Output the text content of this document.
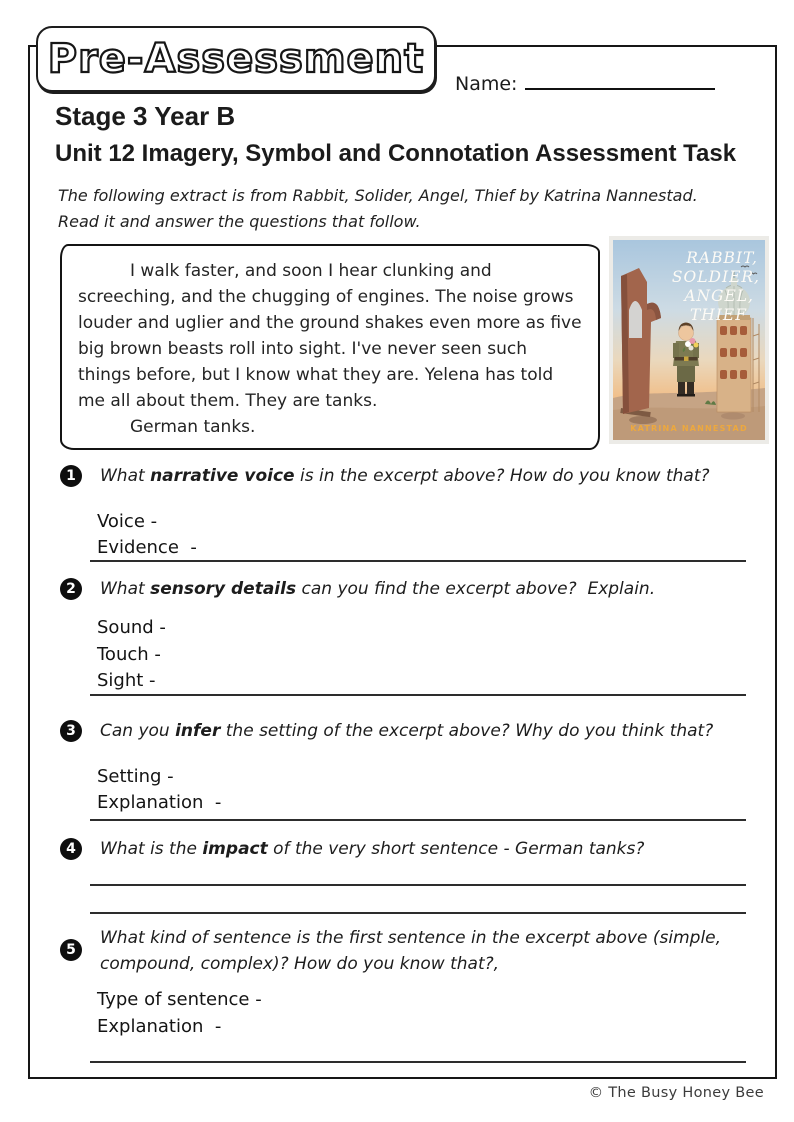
Pre-Assessment
Name:
Stage 3 Year B
Unit 12 Imagery, Symbol and Connotation Assessment Task
The following extract is from Rabbit, Solider, Angel, Thief by Katrina Nannestad.
Read it and answer the questions that follow.

I walk faster, and soon I hear clunking and screeching, and the chugging of engines. The noise grows louder and uglier and the ground shakes even more as five big brown beasts roll into sight. I've never seen such things before, but I know what they are. Yelena has told me all about them. They are tanks.

German tanks.

RABBIT,
SOLDIER,
ANGEL,
THIEF
KATRINA NANNESTAD
1	What narrative voice is in the excerpt above? How do you know that?
Voice -
Evidence  -
2	What sensory details can you find the excerpt above?  Explain.
Sound -
Touch -
Sight -
3	Can you infer the setting of the excerpt above? Why do you think that?
Setting -
Explanation  -
4	What is the impact of the very short sentence - German tanks?
5
What kind of sentence is the first sentence in the excerpt above (simple, compound, complex)? How do you know that?,
Type of sentence -
Explanation  -
© The Busy Honey Bee
